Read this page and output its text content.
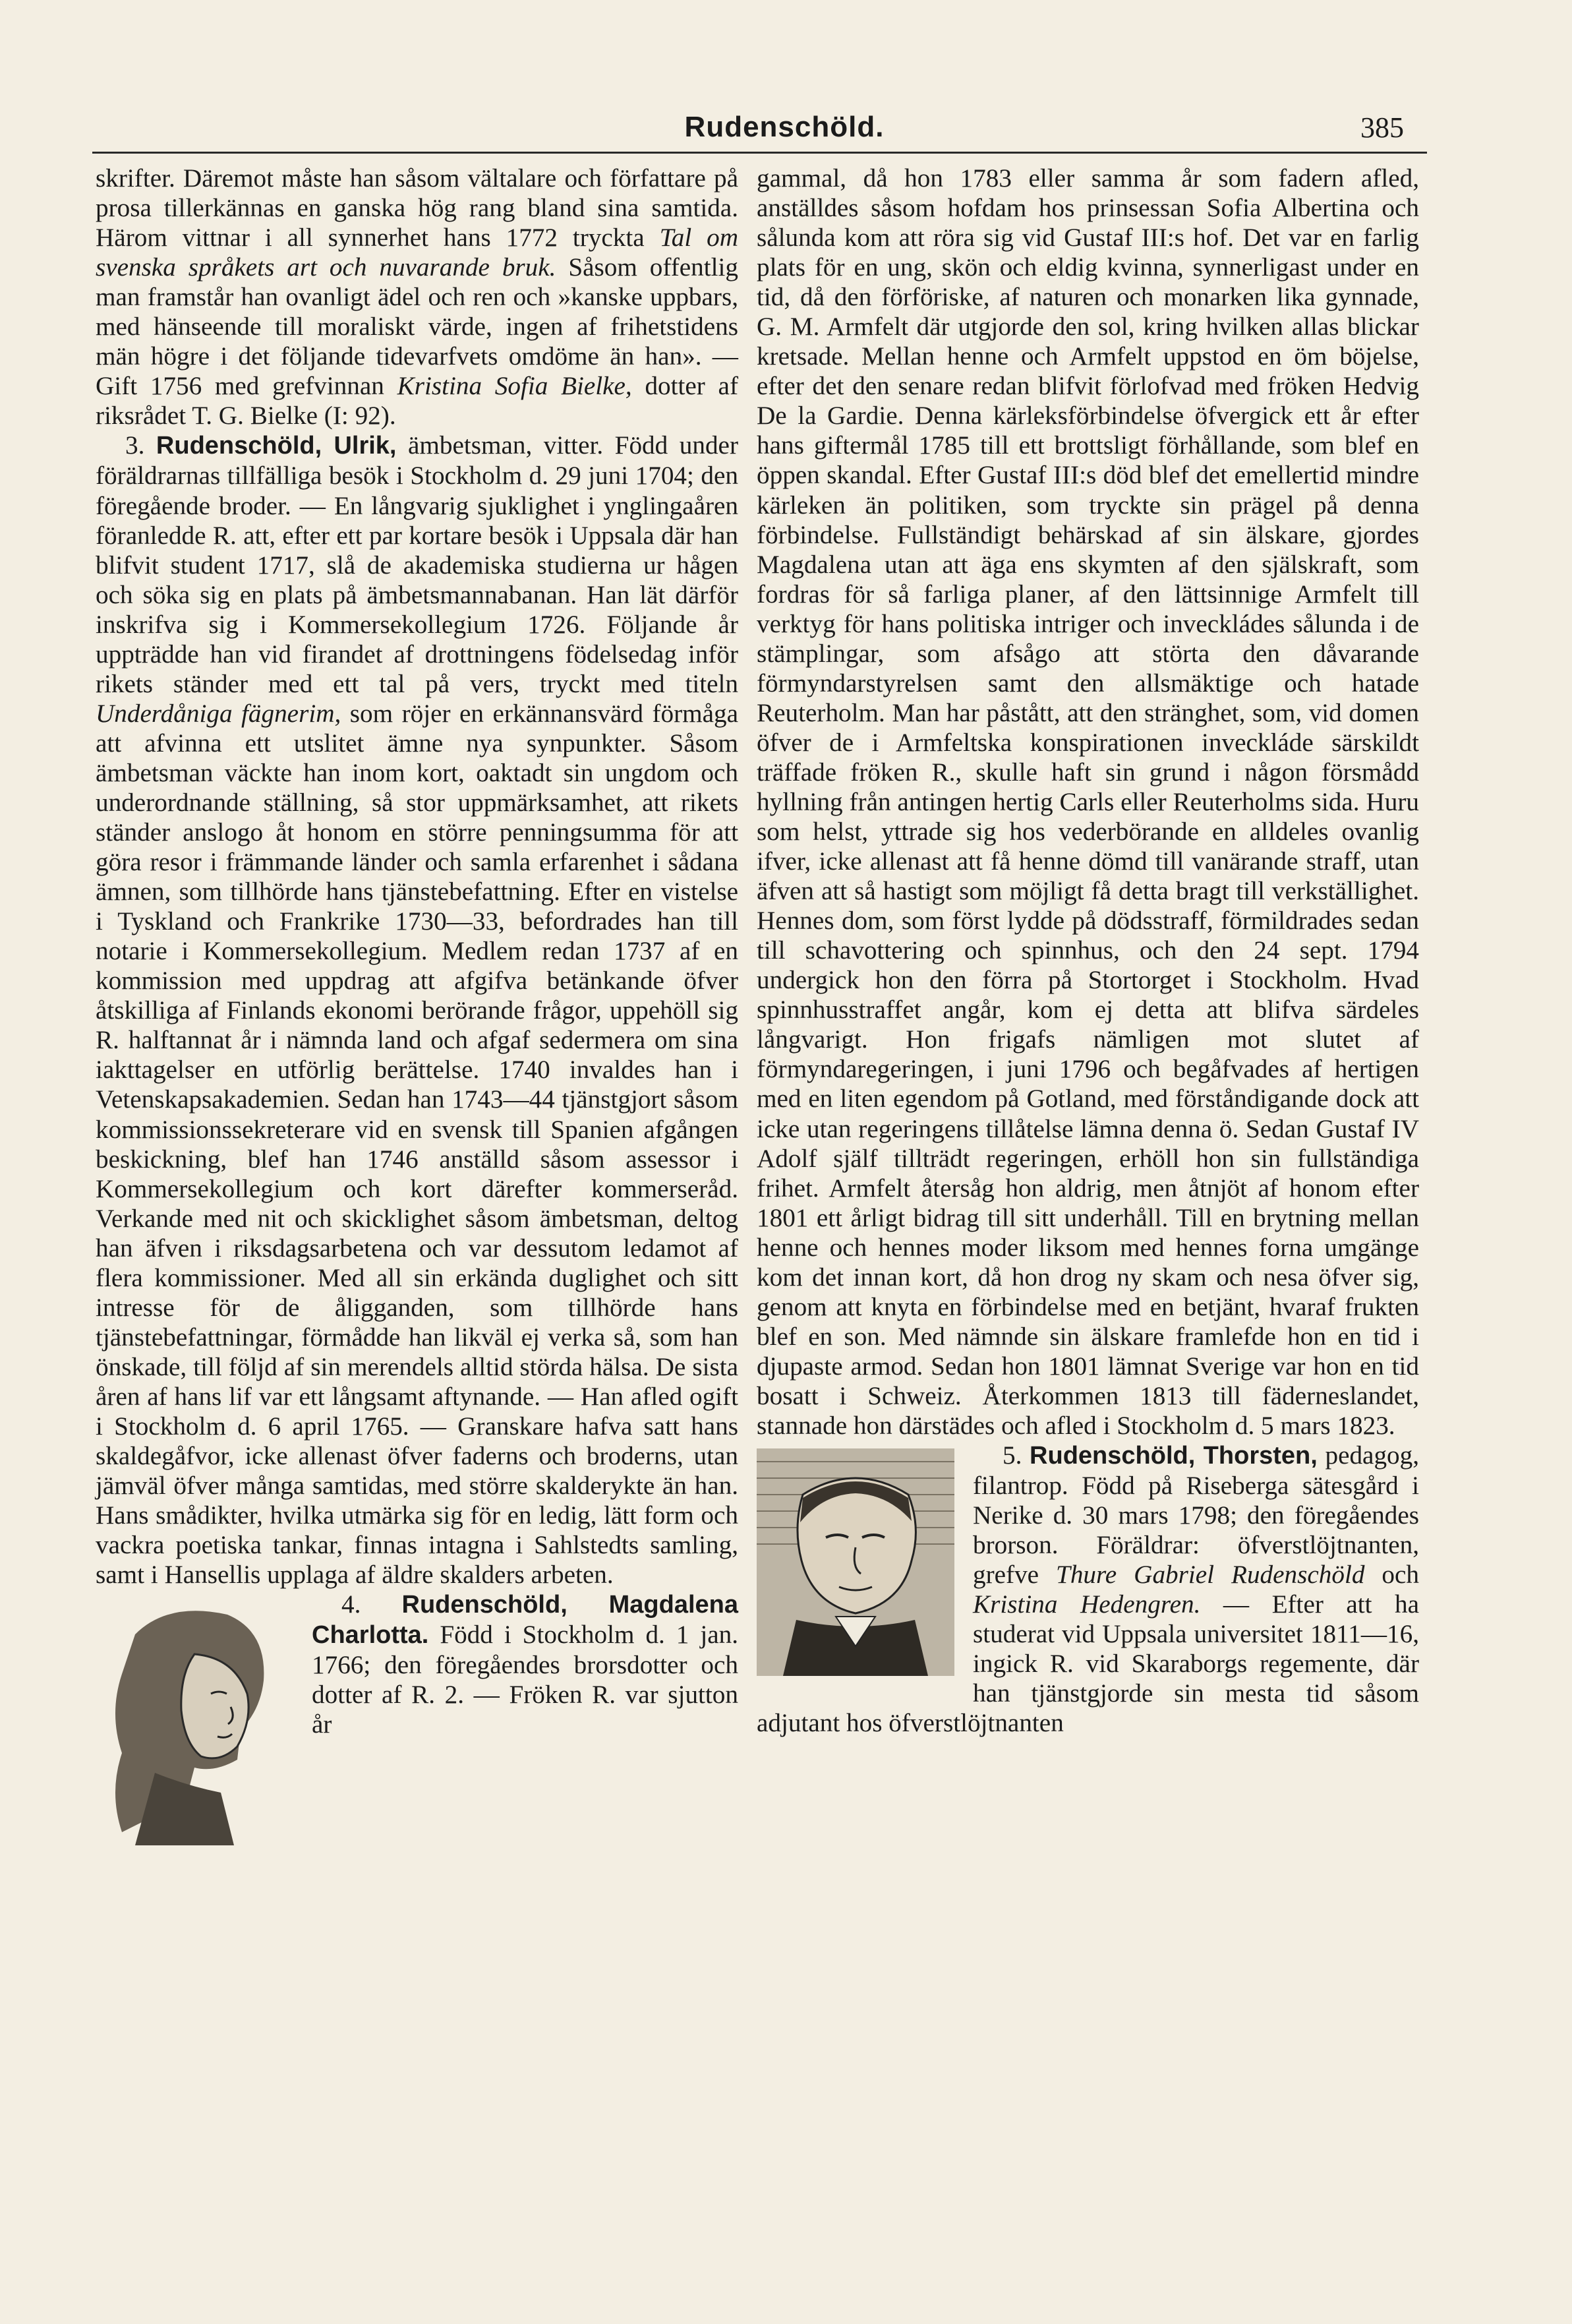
Rudenschöld.	385

skrifter. Däremot måste han såsom vältalare och författare på prosa tillerkännas en ganska hög rang bland sina samtida. Härom vittnar i all synnerhet hans 1772 tryckta Tal om svenska språkets art och nuvarande bruk. Såsom offentlig man framstår han ovanligt ädel och ren och »kanske uppbars, med hänseende till moraliskt värde, ingen af frihetstidens män högre i det följande tidevarfvets omdöme än han». — Gift 1756 med grefvinnan Kristina Sofia Bielke, dotter af riksrådet T. G. Bielke (I: 92).

3. Rudenschöld, Ulrik, ämbetsman, vitter. Född under föräldrarnas tillfälliga besök i Stockholm d. 29 juni 1704; den föregående broder. — En långvarig sjuklighet i ynglingaåren föranledde R. att, efter ett par kortare besök i Uppsala där han blifvit student 1717, slå de akademiska studierna ur hågen och söka sig en plats på ämbetsmannabanan. Han lät därför inskrifva sig i Kommersekollegium 1726. Följande år uppträdde han vid firandet af drottningens födelsedag inför rikets ständer med ett tal på vers, tryckt med titeln Underdåniga fägnerim, som röjer en erkännansvärd förmåga att afvinna ett utslitet ämne nya synpunkter. Såsom ämbetsman väckte han inom kort, oaktadt sin ungdom och underordnande ställning, så stor uppmärksamhet, att rikets ständer anslogo åt honom en större penningsumma för att göra resor i främmande länder och samla erfarenhet i sådana ämnen, som tillhörde hans tjänstebefattning. Efter en vistelse i Tyskland och Frankrike 1730—33, befordrades han till notarie i Kommersekollegium. Medlem redan 1737 af en kommission med uppdrag att afgifva betänkande öfver åtskilliga af Finlands ekonomi berörande frågor, uppehöll sig R. halftannat år i nämnda land och afgaf sedermera om sina iakttagelser en utförlig berättelse. 1740 invaldes han i Vetenskapsakademien. Sedan han 1743—44 tjänstgjort såsom kommissionssekreterare vid en svensk till Spanien afgången beskickning, blef han 1746 anställd såsom assessor i Kommersekollegium och kort därefter kommerseråd. Verkande med nit och skicklighet såsom ämbetsman, deltog han äfven i riksdagsarbetena och var dessutom ledamot af flera kommissioner. Med all sin erkända duglighet och sitt intresse för de åligganden, som tillhörde hans tjänstebefattningar, förmådde han likväl ej verka så, som han önskade, till följd af sin merendels alltid störda hälsa. De sista åren af hans lif var ett långsamt aftynande. — Han afled ogift i Stockholm d. 6 april 1765. — Granskare hafva satt hans skaldegåfvor, icke allenast öfver faderns och broderns, utan jämväl öfver många samtidas, med större skalderykte än han. Hans smådikter, hvilka utmärka sig för en ledig, lätt form och vackra poetiska tankar, finnas intagna i Sahlstedts samling, samt i Hansellis upplaga af äldre skalders arbeten.

4. Rudenschöld, Magdalena Charlotta. Född i Stockholm d. 1 jan. 1766; den föregåendes brorsdotter och dotter af R. 2. — Fröken R. var sjutton år

gammal, då hon 1783 eller samma år som fadern afled, anställdes såsom hofdam hos prinsessan Sofia Albertina och sålunda kom att röra sig vid Gustaf III:s hof. Det var en farlig plats för en ung, skön och eldig kvinna, synnerligast under en tid, då den förföriske, af naturen och monarken lika gynnade, G. M. Armfelt där utgjorde den sol, kring hvilken allas blickar kretsade. Mellan henne och Armfelt uppstod en öm böjelse, efter det den senare redan blifvit förlofvad med fröken Hedvig De la Gardie. Denna kärleksförbindelse öfvergick ett år efter hans giftermål 1785 till ett brottsligt förhållande, som blef en öppen skandal. Efter Gustaf III:s död blef det emellertid mindre kärleken än politiken, som tryckte sin prägel på denna förbindelse. Fullständigt behärskad af sin älskare, gjordes Magdalena utan att äga ens skymten af den själskraft, som fordras för så farliga planer, af den lättsinnige Armfelt till verktyg för hans politiska intriger och inveckládes sålunda i de stämplingar, som afsågo att störta den dåvarande förmyndarstyrelsen samt den allsmäktige och hatade Reuterholm. Man har påstått, att den stränghet, som, vid domen öfver de i Armfeltska konspirationen inveckláde särskildt träffade fröken R., skulle haft sin grund i någon försmådd hyllning från antingen hertig Carls eller Reuterholms sida. Huru som helst, yttrade sig hos vederbörande en alldeles ovanlig ifver, icke allenast att få henne dömd till vanärande straff, utan äfven att så hastigt som möjligt få detta bragt till verkställighet. Hennes dom, som först lydde på dödsstraff, förmildrades sedan till schavottering och spinnhus, och den 24 sept. 1794 undergick hon den förra på Stortorget i Stockholm. Hvad spinnhusstraffet angår, kom ej detta att blifva särdeles långvarigt. Hon frigafs nämligen mot slutet af förmyndaregeringen, i juni 1796 och begåfvades af hertigen med en liten egendom på Gotland, med förståndigande dock att icke utan regeringens tillåtelse lämna denna ö. Sedan Gustaf IV Adolf själf tillträdt regeringen, erhöll hon sin fullständiga frihet. Armfelt återsåg hon aldrig, men åtnjöt af honom efter 1801 ett årligt bidrag till sitt underhåll. Till en brytning mellan henne och hennes moder liksom med hennes forna umgänge kom det innan kort, då hon drog ny skam och nesa öfver sig, genom att knyta en förbindelse med en betjänt, hvaraf frukten blef en son. Med nämnde sin älskare framlefde hon en tid i djupaste armod. Sedan hon 1801 lämnat Sverige var hon en tid bosatt i Schweiz. Återkommen 1813 till fäderneslandet, stannade hon därstädes och afled i Stockholm d. 5 mars 1823.

5. Rudenschöld, Thorsten, pedagog, filantrop. Född på Riseberga sätesgård i Nerike d. 30 mars 1798; den föregåendes brorson. Föräldrar: öfverstlöjtnanten, grefve Thure Gabriel Rudenschöld och Kristina Hedengren. — Efter att ha studerat vid Uppsala universitet 1811—16, ingick R. vid Skaraborgs regemente, där han tjänstgjorde sin mesta tid såsom adjutant hos öfverstlöjtnanten
